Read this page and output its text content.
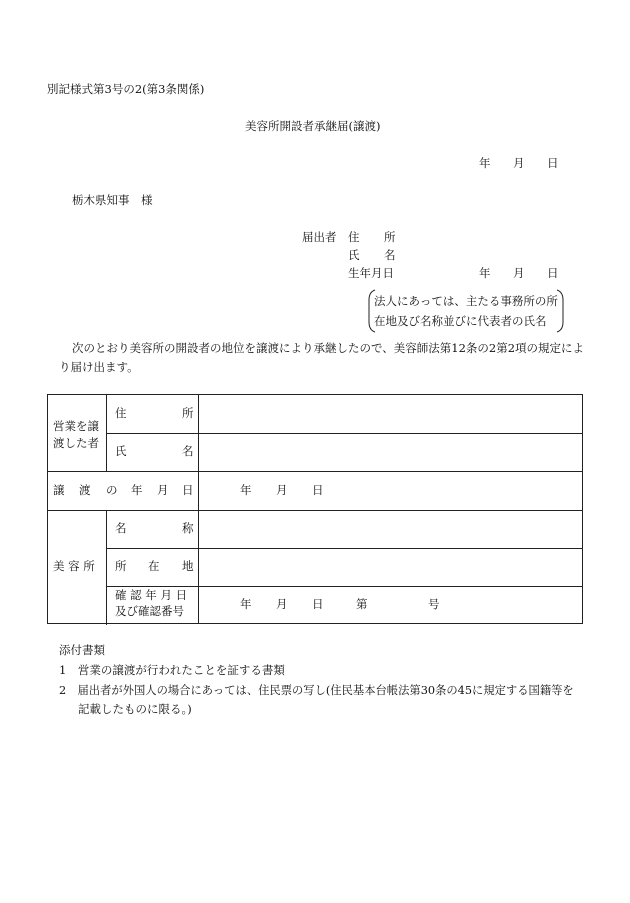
別記様式第3号の2(第3条関係)
美容所開設者承継届(譲渡)
年 月 日
栃木県知事　様
届出者 住 所
氏 名
生年月日	年 月 日
法人にあっては、主たる事務所の所
在地及び名称並びに代表者の氏名
次のとおり美容所の開設者の地位を譲渡により承継したので、美容師法第12条の2第2項の規定によ
り届け出ます。
営業を譲
渡した者
住	所
氏	名
譲 渡 の 年 月 日	年 月 日
美 容 所
名	称
所 在 地
確 認 年 月 日
及び確認番号	年 月 日	第	号
添付書類
1　営業の譲渡が行われたことを証する書類
2　届出者が外国人の場合にあっては、住民票の写し(住民基本台帳法第30条の45に規定する国籍等を
記載したものに限る。)
